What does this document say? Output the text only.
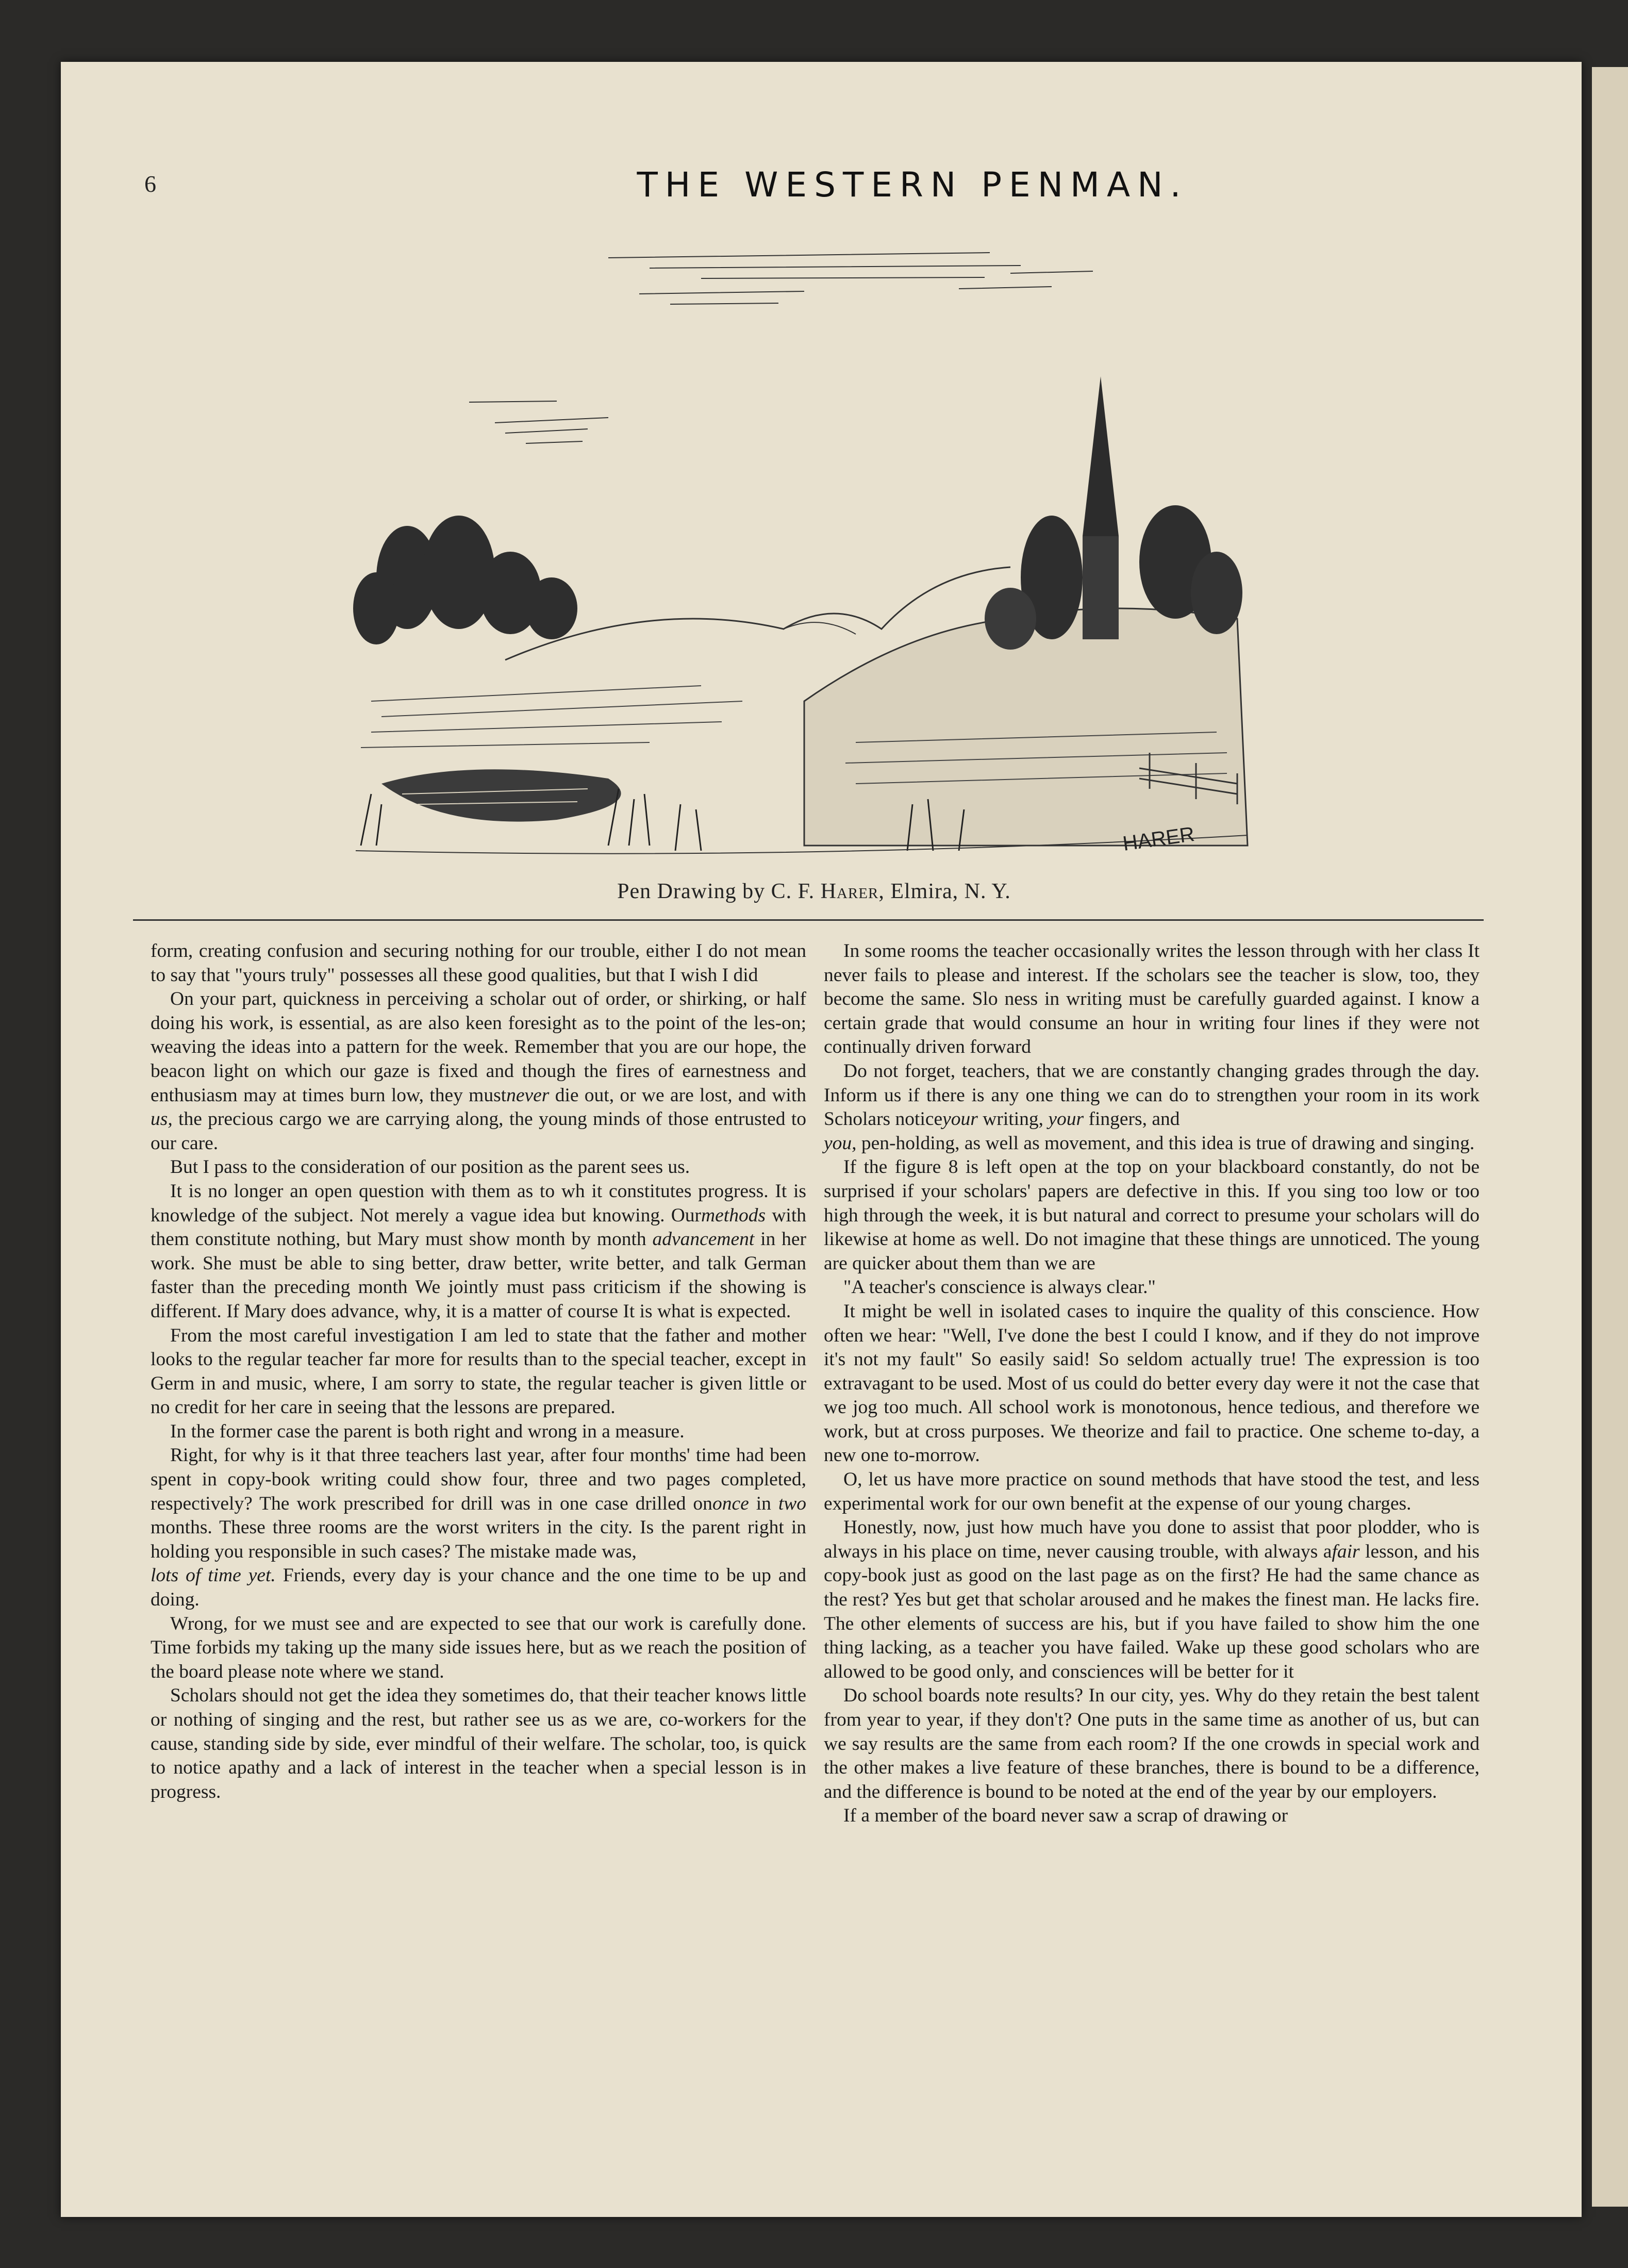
6	THE WESTERN PENMAN.
HARER
Pen Drawing by C. F. Harer, Elmira, N. Y.

form, creating confusion and securing nothing for our trouble, either I do not mean to say that "yours truly" possesses all these good qualities, but that I wish I did

On your part, quickness in perceiving a scholar out of order, or shirking, or half doing his work, is essential, as are also keen foresight as to the point of the les-on; weaving the ideas into a pattern for the week. Remember that you are our hope, the beacon light on which our gaze is fixed and though the fires of earnestness and enthusiasm may at times burn low, they mustnever die out, or we are lost, and with us, the precious cargo we are carrying along, the young minds of those entrusted to our care.

But I pass to the consideration of our position as the parent sees us.

It is no longer an open question with them as to wh it constitutes progress. It is knowledge of the subject. Not merely a vague idea but knowing. Ourmethods with them constitute nothing, but Mary must show month by month advancement in her work. She must be able to sing better, draw better, write better, and talk German faster than the preceding month We jointly must pass criticism if the showing is different. If Mary does advance, why, it is a matter of course It is what is expected.

From the most careful investigation I am led to state that the father and mother looks to the regular teacher far more for results than to the special teacher, except in Germ in and music, where, I am sorry to state, the regular teacher is given little or no credit for her care in seeing that the lessons are prepared.

In the former case the parent is both right and wrong in a measure.

Right, for why is it that three teachers last year, after four months' time had been spent in copy-book writing could show four, three and two pages completed, respectively? The work prescribed for drill was in one case drilled ononce in two months. These three rooms are the worst writers in the city. Is the parent right in holding you responsible in such cases? The mistake made was,

lots of time yet. Friends, every day is your chance and the one time to be up and doing.

Wrong, for we must see and are expected to see that our work is carefully done. Time forbids my taking up the many side issues here, but as we reach the position of the board please note where we stand.

Scholars should not get the idea they sometimes do, that their teacher knows little or nothing of singing and the rest, but rather see us as we are, co-workers for the cause, standing side by side, ever mindful of their welfare. The scholar, too, is quick to notice apathy and a lack of interest in the teacher when a special lesson is in progress.

In some rooms the teacher occasionally writes the lesson through with her class It never fails to please and interest. If the scholars see the teacher is slow, too, they become the same. Slo ness in writing must be carefully guarded against. I know a certain grade that would consume an hour in writing four lines if they were not continually driven forward

Do not forget, teachers, that we are constantly changing grades through the day. Inform us if there is any one thing we can do to strengthen your room in its work Scholars noticeyour writing, your fingers, and

you, pen-holding, as well as movement, and this idea is true of drawing and singing.

If the figure 8 is left open at the top on your blackboard constantly, do not be surprised if your scholars' papers are defective in this. If you sing too low or too high through the week, it is but natural and correct to presume your scholars will do likewise at home as well. Do not imagine that these things are unnoticed. The young are quicker about them than we are

"A teacher's conscience is always clear."

It might be well in isolated cases to inquire the quality of this conscience. How often we hear: "Well, I've done the best I could I know, and if they do not improve it's not my fault" So easily said! So seldom actually true! The expression is too extravagant to be used. Most of us could do better every day were it not the case that we jog too much. All school work is monotonous, hence tedious, and therefore we work, but at cross purposes. We theorize and fail to practice. One scheme to-day, a new one to-morrow.

O, let us have more practice on sound methods that have stood the test, and less experimental work for our own benefit at the expense of our young charges.

Honestly, now, just how much have you done to assist that poor plodder, who is always in his place on time, never causing trouble, with always afair lesson, and his copy-book just as good on the last page as on the first? He had the same chance as the rest? Yes but get that scholar aroused and he makes the finest man. He lacks fire. The other elements of success are his, but if you have failed to show him the one thing lacking, as a teacher you have failed. Wake up these good scholars who are allowed to be good only, and consciences will be better for it

Do school boards note results? In our city, yes. Why do they retain the best talent from year to year, if they don't? One puts in the same time as another of us, but can we say results are the same from each room? If the one crowds in special work and the other makes a live feature of these branches, there is bound to be a difference, and the difference is bound to be noted at the end of the year by our employers.

If a member of the board never saw a scrap of drawing or
